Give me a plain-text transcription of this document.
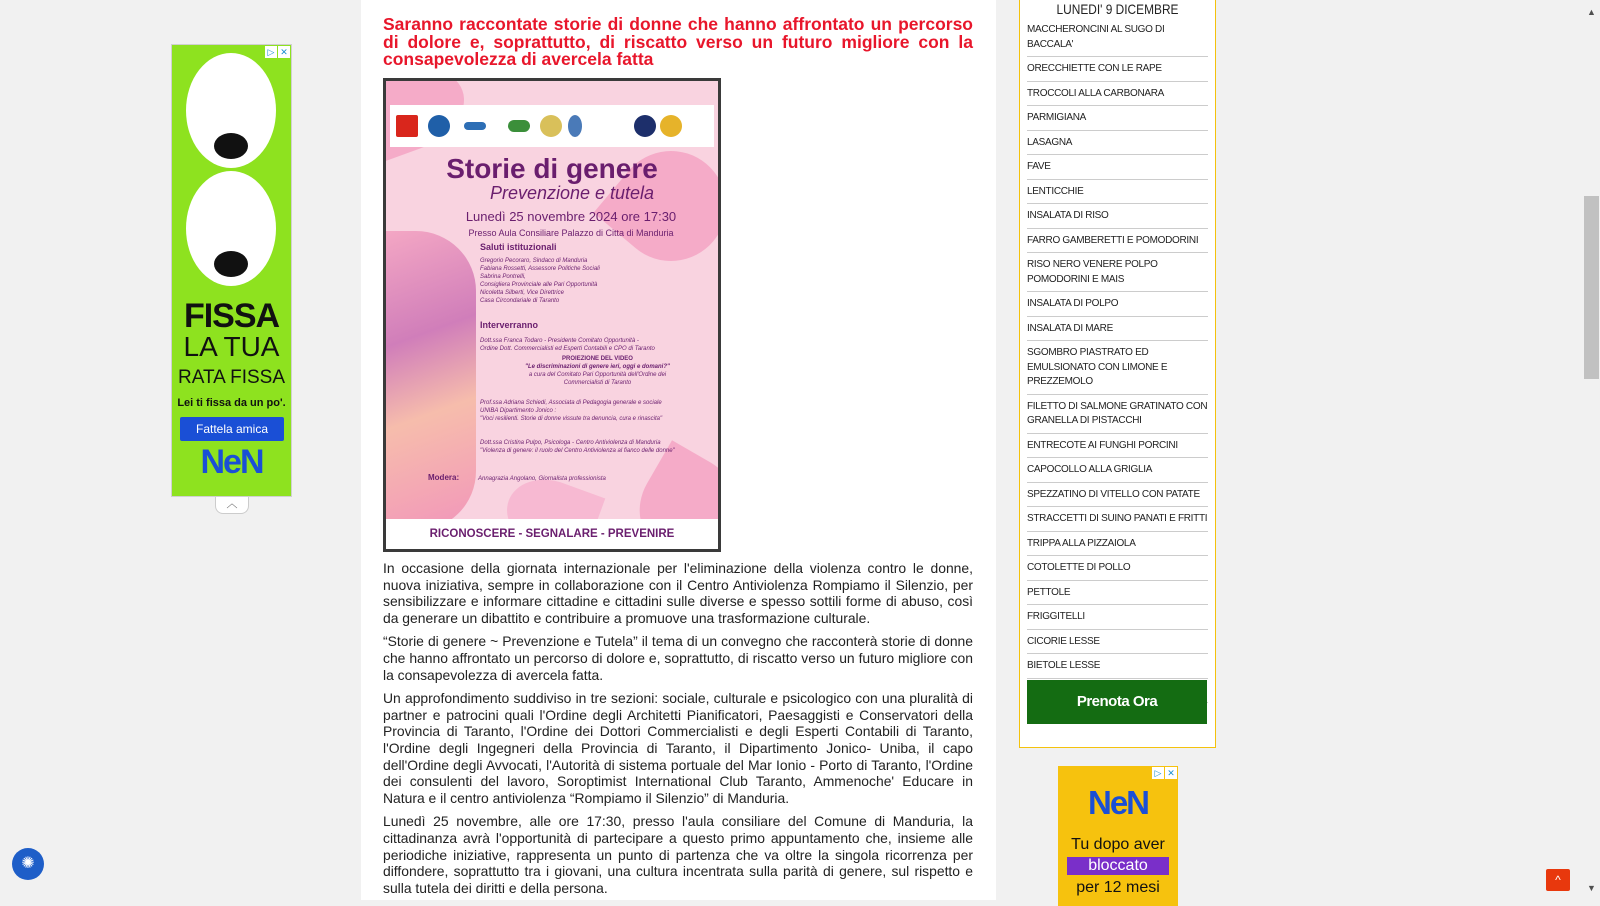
▷ ✕
FISSA
LA TUA
RATA FISSA
Lei ti fissa da un po'.
Fattela amica
NeN
︿

Saranno raccontate storie di donne che hanno affrontato un percorso di dolore e, soprattutto, di riscatto verso un futuro migliore con la consapevolezza di avercela fatta

Storie di genere
Prevenzione e tutela
Lunedì 25 novembre 2024 ore 17:30
Presso Aula Consiliare Palazzo di Citta di Manduria
Saluti istituzionali
Gregorio Pecoraro, Sindaco di Manduria
Fabiana Rossetti, Assessore Politiche Sociali
Sabrina Pontrelli,
Consigliera Provinciale alle Pari Opportunità
Nicoletta Silberti, Vice Direttrice
Casa Circondariale di Taranto
Interverranno
Dott.ssa Franca Todaro - Presidente Comitato Opportunità -
Ordine Dott. Commercialisti ed Esperti Contabili e CPO di Taranto
PROIEZIONE DEL VIDEO
"Le discriminazioni di genere ieri, oggi e domani?"
a cura del Comitato Pari Opportunità dell'Ordine dei
Commercialisti di Taranto
Prof.ssa Adriana Schiedi, Associata di Pedagogia generale e sociale
UNIBA Dipartimento Jonico :
"Voci resilienti. Storie di donne vissute tra denuncia, cura e rinascita"
Dott.ssa Cristina Pulpo, Psicologa - Centro Antiviolenza di Manduria
"Violenza di genere: il ruolo del Centro Antiviolenza al fianco delle donne"
Modera:	Annagrazia Angolano, Giornalista professionista
RICONOSCERE - SEGNALARE - PREVENIRE

In occasione della giornata internazionale per l'eliminazione della violenza contro le donne, nuova iniziativa, sempre in collaborazione con il Centro Antiviolenza Rompiamo il Silenzio, per sensibilizzare e informare cittadine e cittadini sulle diverse e spesso sottili forme di abuso, così da generare un dibattito e contribuire a promuove una trasformazione culturale.

“Storie di genere ~ Prevenzione e Tutela” il tema di un convegno che racconterà storie di donne che hanno affrontato un percorso di dolore e, soprattutto, di riscatto verso un futuro migliore con la consapevolezza di avercela fatta.

Un approfondimento suddiviso in tre sezioni: sociale, culturale e psicologico con una pluralità di partner e patrocini quali l'Ordine degli Architetti Pianificatori, Paesaggisti e Conservatori della Provincia di Taranto, l'Ordine dei Dottori Commercialisti e degli Esperti Contabili di Taranto, l'Ordine degli Ingegneri della Provincia di Taranto, il Dipartimento Jonico- Uniba, il capo dell'Ordine degli Avvocati, l'Autorità di sistema portuale del Mar Ionio - Porto di Taranto, l'Ordine dei consulenti del lavoro, Soroptimist International Club Taranto, Ammenoche' Educare in Natura e il centro antiviolenza “Rompiamo il Silenzio” di Manduria.

Lunedì 25 novembre, alle ore 17:30, presso l'aula consiliare del Comune di Manduria, la cittadinanza avrà l'opportunità di partecipare a questo primo appuntamento che, insieme alle periodiche iniziative, rappresenta un punto di partenza che va oltre la singola ricorrenza per diffondere, soprattutto tra i giovani, una cultura incentrata sulla parità di genere, sul rispetto e sulla tutela dei diritti e della persona.

LUNEDI' 9 DICEMBRE
MACCHERONCINI AL SUGO DI BACCALA'
ORECCHIETTE CON LE RAPE
TROCCOLI ALLA CARBONARA
PARMIGIANA
LASAGNA
FAVE
LENTICCHIE
INSALATA DI RISO
FARRO GAMBERETTI E POMODORINI
RISO NERO VENERE POLPO POMODORINI E MAIS
INSALATA DI POLPO
INSALATA DI MARE
SGOMBRO PIASTRATO ED EMULSIONATO CON LIMONE E PREZZEMOLO
FILETTO DI SALMONE GRATINATO CON GRANELLA DI PISTACCHI
ENTRECOTE AI FUNGHI PORCINI
CAPOCOLLO ALLA GRIGLIA
SPEZZATINO DI VITELLO CON PATATE
STRACCETTI DI SUINO PANATI E FRITTI
TRIPPA ALLA PIZZAIOLA
COTOLETTE DI POLLO
PETTOLE
FRIGGITELLI
CICORIE LESSE
BIETOLE LESSE
Prenota Ora
▷ ✕
NeN
Tu dopo aver
bloccato
per 12 mesi
✺
^
▲
▼
